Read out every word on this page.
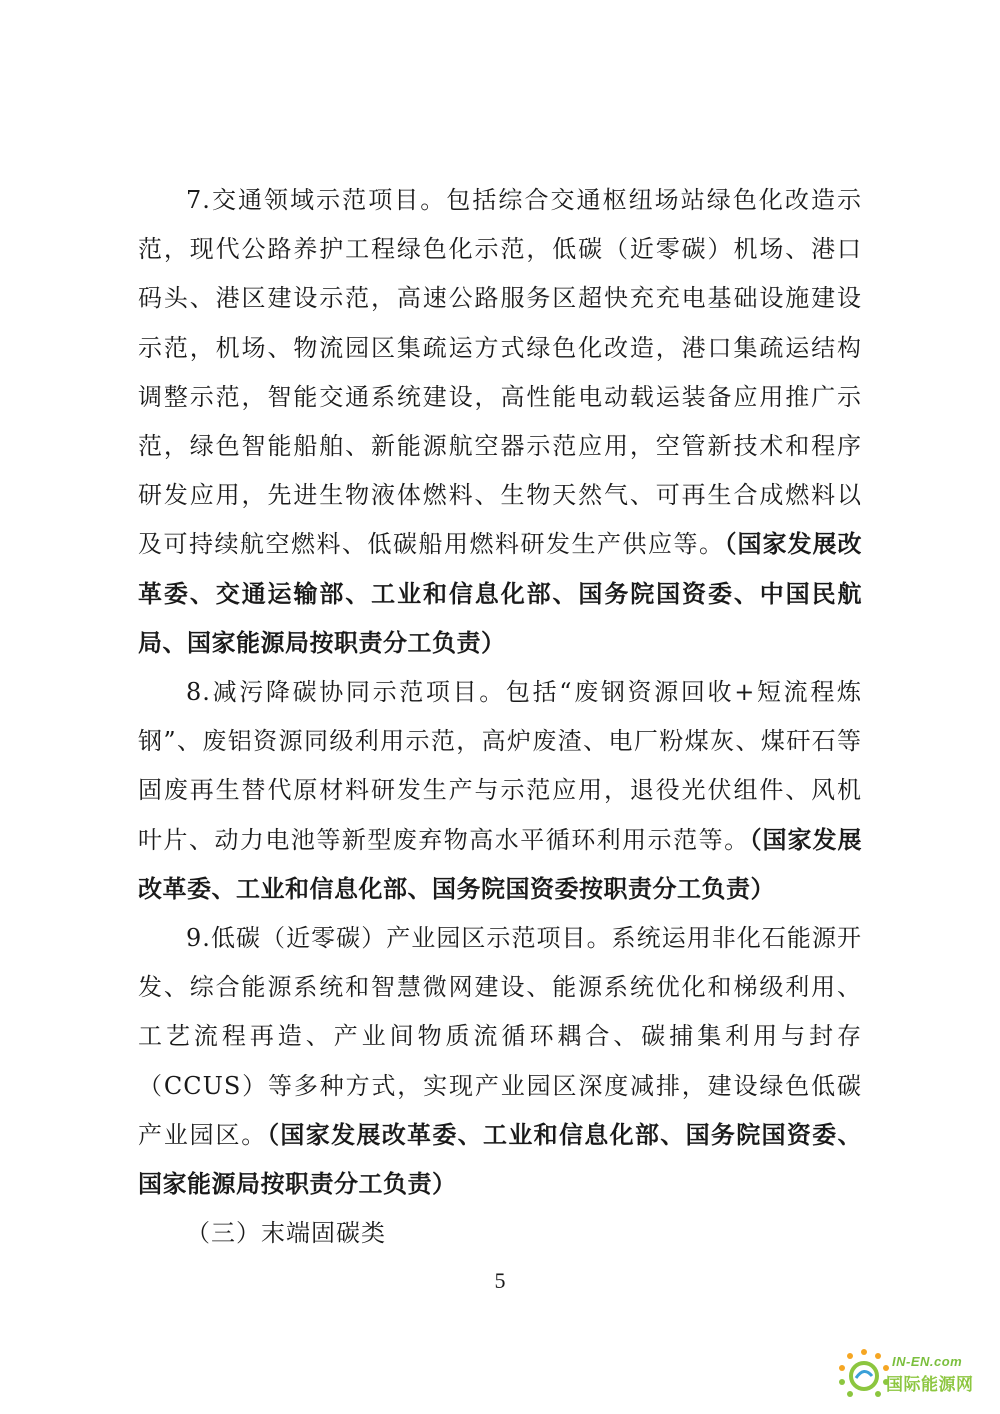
7.交通领域示范项目。包括综合交通枢纽场站绿色化改造示范，现代公路养护工程绿色化示范，低碳（近零碳）机场、港口码头、港区建设示范，高速公路服务区超快充充电基础设施建设示范，机场、物流园区集疏运方式绿色化改造，港口集疏运结构调整示范，智能交通系统建设，高性能电动载运装备应用推广示范，绿色智能船舶、新能源航空器示范应用，空管新技术和程序研发应用，先进生物液体燃料、生物天然气、可再生合成燃料以及可持续航空燃料、低碳船用燃料研发生产供应等。（国家发展改革委、交通运输部、工业和信息化部、国务院国资委、中国民航局、国家能源局按职责分工负责）

8.减污降碳协同示范项目。包括“废钢资源回收+短流程炼钢”、废铝资源同级利用示范，高炉废渣、电厂粉煤灰、煤矸石等固废再生替代原材料研发生产与示范应用，退役光伏组件、风机叶片、动力电池等新型废弃物高水平循环利用示范等。（国家发展改革委、工业和信息化部、国务院国资委按职责分工负责）

9.低碳（近零碳）产业园区示范项目。系统运用非化石能源开发、综合能源系统和智慧微网建设、能源系统优化和梯级利用、工艺流程再造、产业间物质流循环耦合、碳捕集利用与封存（CCUS）等多种方式，实现产业园区深度减排，建设绿色低碳产业园区。（国家发展改革委、工业和信息化部、国务院国资委、国家能源局按职责分工负责）

（三）末端固碳类

5
IN-EN.com
国际能源网
